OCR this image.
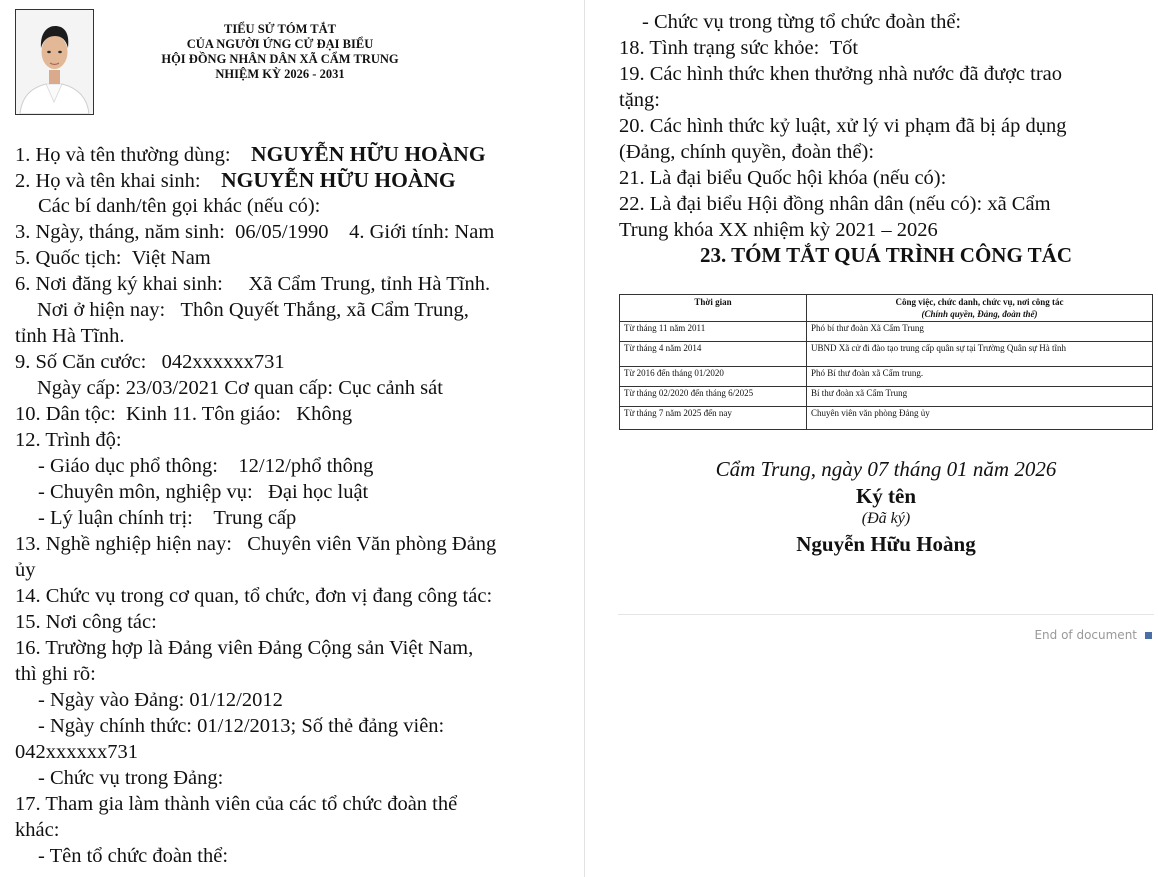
TIỂU SỬ TÓM TẮT
CỦA NGƯỜI ỨNG CỬ ĐẠI BIỂU
HỘI ĐỒNG NHÂN DÂN XÃ CẨM TRUNG
NHIỆM KỲ 2026 - 2031
1. Họ và tên thường dùng: NGUYỄN HỮU HOÀNG
2. Họ và tên khai sinh: NGUYỄN HỮU HOÀNG
Các bí danh/tên gọi khác (nếu có):
3. Ngày, tháng, năm sinh: 06/05/1990 4. Giới tính: Nam
5. Quốc tịch: Việt Nam
6. Nơi đăng ký khai sinh: Xã Cẩm Trung, tỉnh Hà Tĩnh.
Nơi ở hiện nay: Thôn Quyết Thắng, xã Cẩm Trung,
tỉnh Hà Tĩnh.
9. Số Căn cước: 042xxxxxx731
Ngày cấp: 23/03/2021 Cơ quan cấp: Cục cảnh sát
10. Dân tộc: Kinh 11. Tôn giáo: Không
12. Trình độ:
- Giáo dục phổ thông: 12/12/phổ thông
- Chuyên môn, nghiệp vụ: Đại học luật
- Lý luận chính trị: Trung cấp
13. Nghề nghiệp hiện nay: Chuyên viên Văn phòng Đảng
ủy
14. Chức vụ trong cơ quan, tổ chức, đơn vị đang công tác:
15. Nơi công tác:
16. Trường hợp là Đảng viên Đảng Cộng sản Việt Nam,
thì ghi rõ:
- Ngày vào Đảng: 01/12/2012
- Ngày chính thức: 01/12/2013; Số thẻ đảng viên:
042xxxxxx731
- Chức vụ trong Đảng:
17. Tham gia làm thành viên của các tổ chức đoàn thể
khác:
- Tên tổ chức đoàn thể:
- Chức vụ trong từng tổ chức đoàn thể:
18. Tình trạng sức khỏe: Tốt
19. Các hình thức khen thưởng nhà nước đã được trao
tặng:
20. Các hình thức kỷ luật, xử lý vi phạm đã bị áp dụng
(Đảng, chính quyền, đoàn thể):
21. Là đại biểu Quốc hội khóa (nếu có):
22. Là đại biểu Hội đồng nhân dân (nếu có): xã Cẩm
Trung khóa XX nhiệm kỳ 2021 – 2026
23. TÓM TẮT QUÁ TRÌNH CÔNG TÁC
Thời gian	Công việc, chức danh, chức vụ, nơi công tác
(Chính quyền, Đảng, đoàn thể)

Từ tháng 11 năm 2011	Phó bí thư đoàn Xã Cẩm Trung
Từ tháng 4 năm 2014	UBND Xã cử đi đào tạo trung cấp quân sự tại Trường Quân sự Hà tĩnh
Từ 2016 đến tháng 01/2020	Phó Bí thư đoàn xã Cẩm trung.
Từ tháng 02/2020 đến tháng 6/2025	Bí thư đoàn xã Cẩm Trung
Từ tháng 7 năm 2025 đến nay	Chuyên viên văn phòng Đảng ủy
Cẩm Trung, ngày 07 tháng 01 năm 2026
Ký tên
(Đã ký)
Nguyễn Hữu Hoàng
End of document
